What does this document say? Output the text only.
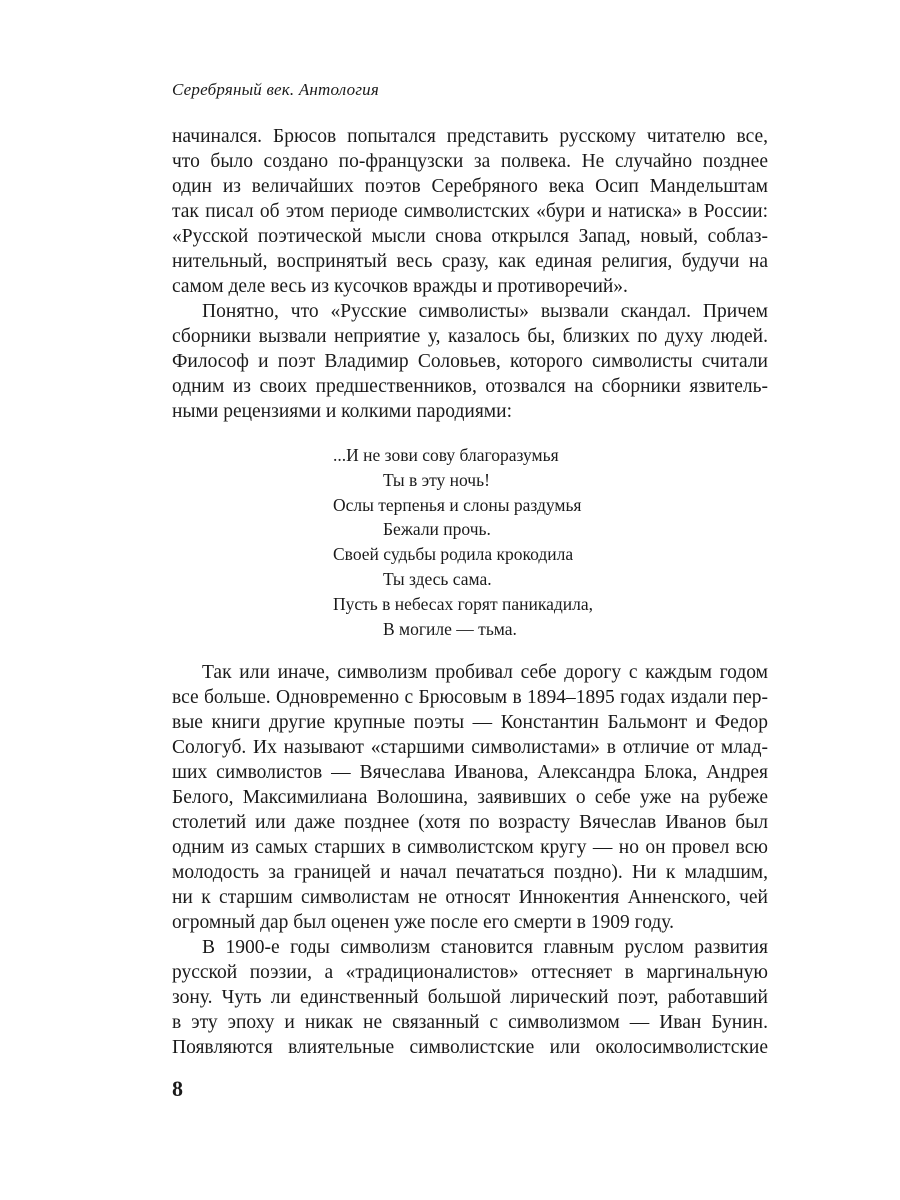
Серебряный век. Антология
начинался. Брюсов попытался представить русскому читателю все,
что было создано по-французски за полвека. Не случайно позднее
один из величайших поэтов Серебряного века Осип Мандельштам
так писал об этом периоде символистских «бури и натиска» в России:
«Русской поэтической мысли снова открылся Запад, новый, соблаз-
нительный, воспринятый весь сразу, как единая религия, будучи на
самом деле весь из кусочков вражды и противоречий».
Понятно, что «Русские символисты» вызвали скандал. Причем
сборники вызвали неприятие у, казалось бы, близких по духу людей.
Философ и поэт Владимир Соловьев, которого символисты считали
одним из своих предшественников, отозвался на сборники язвитель-
ными рецензиями и колкими пародиями:
...И не зови сову благоразумья
Ты в эту ночь!
Ослы терпенья и слоны раздумья
Бежали прочь.
Своей судьбы родила крокодила
Ты здесь сама.
Пусть в небесах горят паникадила,
В могиле — тьма.
Так или иначе, символизм пробивал себе дорогу с каждым годом
все больше. Одновременно с Брюсовым в 1894–1895 годах издали пер-
вые книги другие крупные поэты — Константин Бальмонт и Федор
Сологуб. Их называют «старшими символистами» в отличие от млад-
ших символистов — Вячеслава Иванова, Александра Блока, Андрея
Белого, Максимилиана Волошина, заявивших о себе уже на рубеже
столетий или даже позднее (хотя по возрасту Вячеслав Иванов был
одним из самых старших в символистском кругу — но он провел всю
молодость за границей и начал печататься поздно). Ни к младшим,
ни к старшим символистам не относят Иннокентия Анненского, чей
огромный дар был оценен уже после его смерти в 1909 году.
В 1900-е годы символизм становится главным руслом развития
русской поэзии, а «традиционалистов» оттесняет в маргинальную
зону. Чуть ли единственный большой лирический поэт, работавший
в эту эпоху и никак не связанный с символизмом — Иван Бунин.
Появляются влиятельные символистские или околосимволистские
8
